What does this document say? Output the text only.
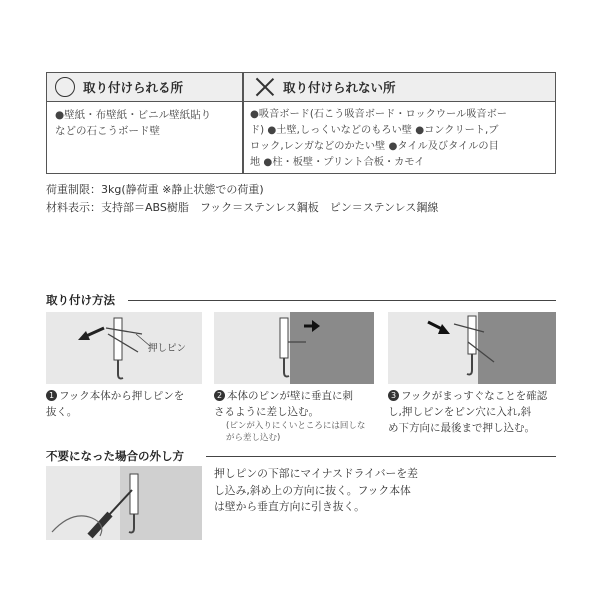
取り付けられる所	取り付けられない所
●壁紙・布壁紙・ビニル壁紙貼り
などの石こうボード壁
●吸音ボード(石こう吸音ボード・ロックウール吸音ボー
ド) ●土壁,しっくいなどのもろい壁 ●コンクリート,ブ
ロック,レンガなどのかたい壁 ●タイル及びタイルの目
地 ●柱・板壁・プリント合板・カモイ
荷重制限：3kg(静荷重 ※静止状態での荷重)
材料表示：支持部＝ABS樹脂　フック＝ステンレス鋼板　ピン＝ステンレス鋼線
取り付け方法
押しピン
1 フック本体から押しピンを
抜く。
2 本体のピンが壁に垂直に刺
さるように差し込む。
(ピンが入りにくいところには回しな
がら差し込む)
3 フックがまっすぐなことを確認
し,押しピンをピン穴に入れ,斜
め下方向に最後まで押し込む。
不要になった場合の外し方
押しピンの下部にマイナスドライバーを差
し込み,斜め上の方向に抜く。フック本体
は壁から垂直方向に引き抜く。
